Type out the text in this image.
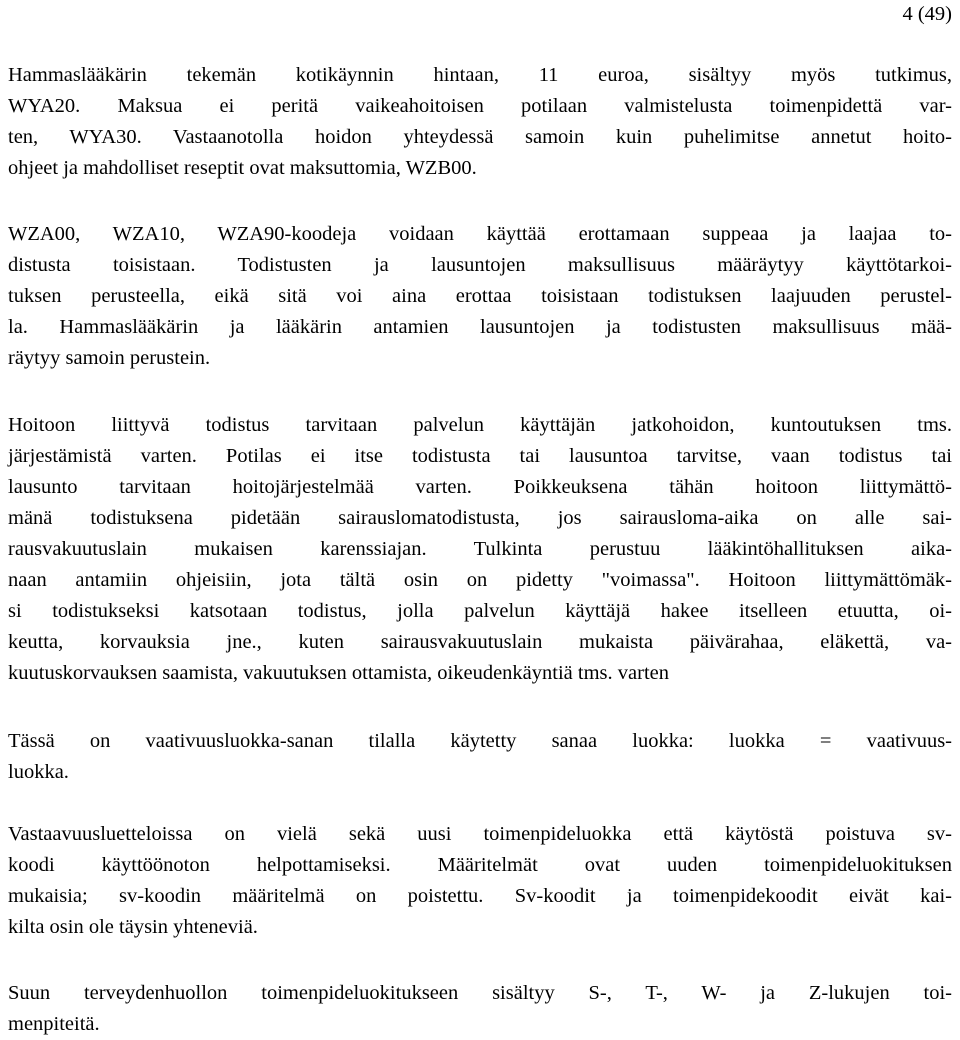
4 (49)
Hammaslääkärin tekemän kotikäynnin hintaan, 11 euroa, sisältyy myös tutkimus,
WYA20. Maksua ei peritä vaikeahoitoisen potilaan valmistelusta toimenpidettä var-
ten, WYA30. Vastaanotolla hoidon yhteydessä samoin kuin puhelimitse annetut hoito-
ohjeet ja mahdolliset reseptit ovat maksuttomia, WZB00.
WZA00, WZA10, WZA90-koodeja voidaan käyttää erottamaan suppeaa ja laajaa to-
distusta toisistaan. Todistusten ja lausuntojen maksullisuus määräytyy käyttötarkoi-
tuksen perusteella, eikä sitä voi aina erottaa toisistaan todistuksen laajuuden perustel-
la. Hammaslääkärin ja lääkärin antamien lausuntojen ja todistusten maksullisuus mää-
räytyy samoin perustein.
Hoitoon liittyvä todistus tarvitaan palvelun käyttäjän jatkohoidon, kuntoutuksen tms.
järjestämistä varten. Potilas ei itse todistusta tai lausuntoa tarvitse, vaan todistus tai
lausunto tarvitaan hoitojärjestelmää varten. Poikkeuksena tähän hoitoon liittymättö-
mänä todistuksena pidetään sairauslomatodistusta, jos sairausloma-aika on alle sai-
rausvakuutuslain mukaisen karenssiajan. Tulkinta perustuu lääkintöhallituksen aika-
naan antamiin ohjeisiin, jota tältä osin on pidetty "voimassa". Hoitoon liittymättömäk-
si todistukseksi katsotaan todistus, jolla palvelun käyttäjä hakee itselleen etuutta, oi-
keutta, korvauksia jne., kuten sairausvakuutuslain mukaista päivärahaa, eläkettä, va-
kuutuskorvauksen saamista, vakuutuksen ottamista, oikeudenkäyntiä tms. varten
Tässä on vaativuusluokka-sanan tilalla käytetty sanaa luokka: luokka = vaativuus-
luokka.
Vastaavuusluetteloissa on vielä sekä uusi toimenpideluokka että käytöstä poistuva sv-
koodi käyttöönoton helpottamiseksi. Määritelmät ovat uuden toimenpideluokituksen
mukaisia; sv-koodin määritelmä on poistettu. Sv-koodit ja toimenpidekoodit eivät kai-
kilta osin ole täysin yhteneviä.
Suun terveydenhuollon toimenpideluokitukseen sisältyy S-, T-, W- ja Z-lukujen toi-
menpiteitä.
